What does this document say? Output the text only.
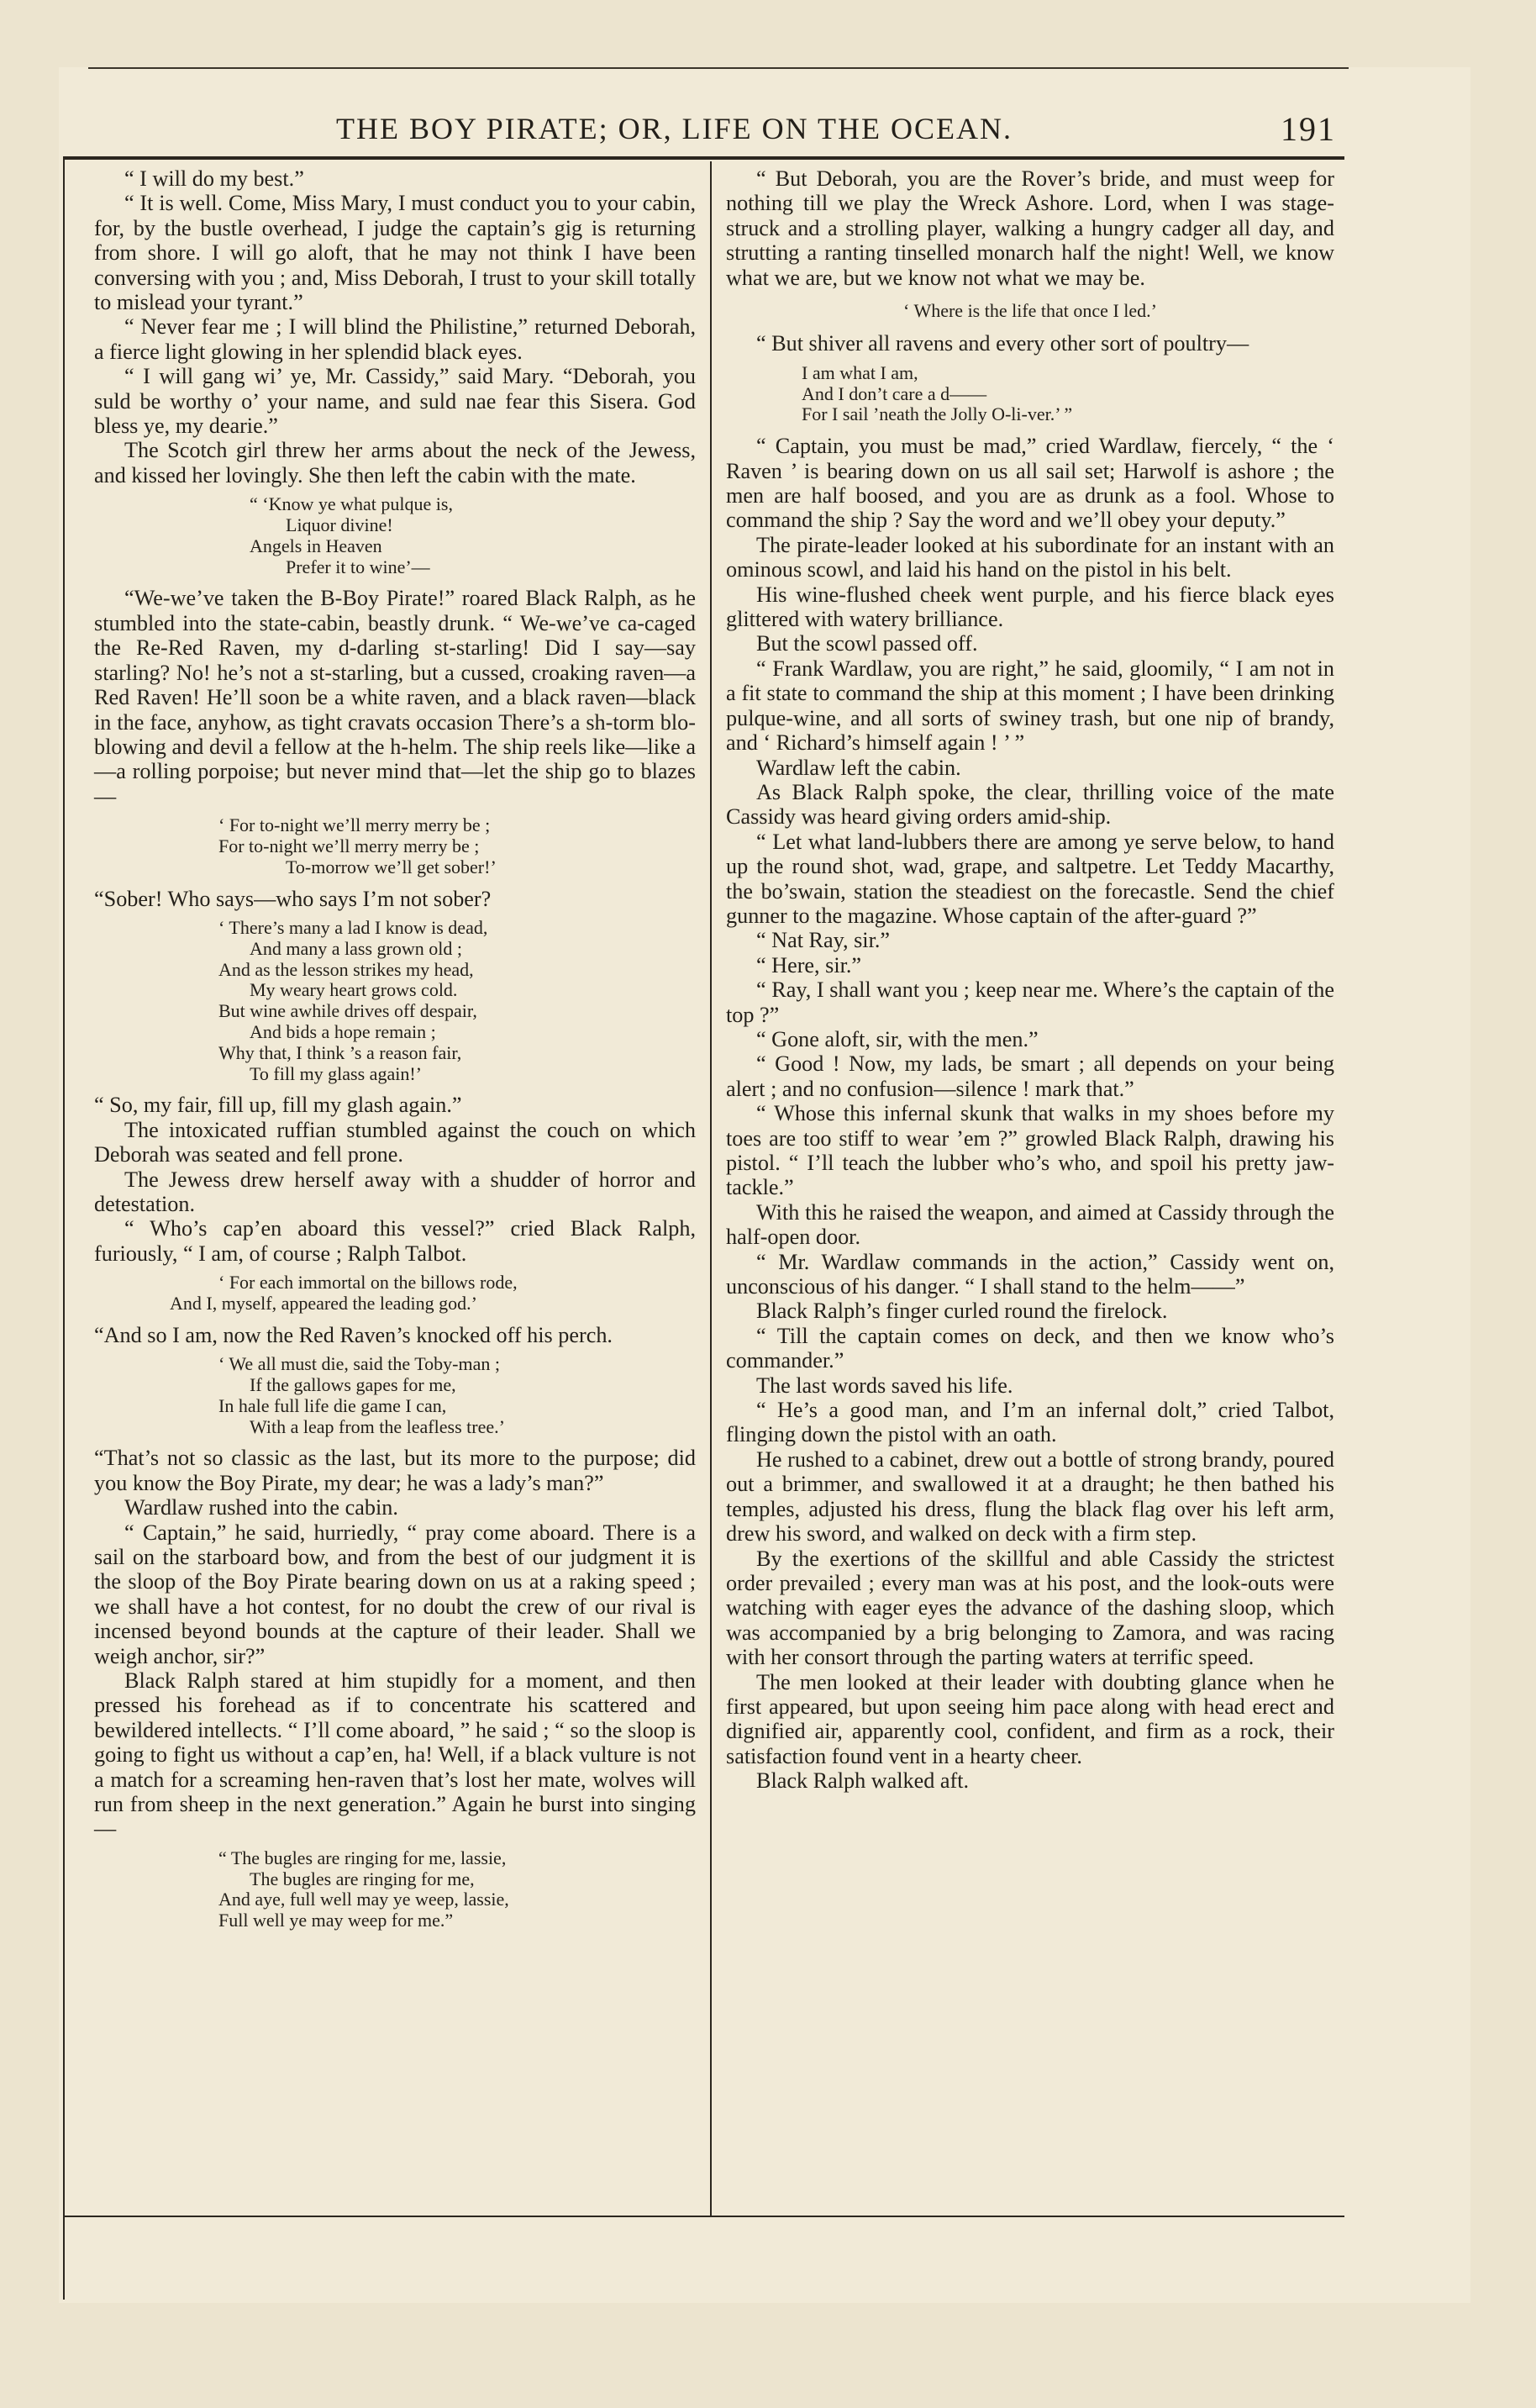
THE BOY PIRATE; OR, LIFE ON THE OCEAN.	191

“ I will do my best.”

“ It is well. Come, Miss Mary, I must conduct you to your cabin, for, by the bustle overhead, I judge the captain’s gig is returning from shore. I will go aloft, that he may not think I have been conversing with you ; and, Miss Deborah, I trust to your skill totally to mislead your tyrant.”

“ Never fear me ; I will blind the Philistine,” returned Deborah, a fierce light glowing in her splendid black eyes.

“ I will gang wi’ ye, Mr. Cassidy,” said Mary. “Deborah, you suld be worthy o’ your name, and suld nae fear this Sisera. God bless ye, my dearie.”

The Scotch girl threw her arms about the neck of the Jewess, and kissed her lovingly. She then left the cabin with the mate.

“ ‘Know ye what pulque is,
Liquor divine!
Angels in Heaven
Prefer it to wine’—

“We-we’ve taken the B-Boy Pirate!” roared Black Ralph, as he stumbled into the state-cabin, beastly drunk. “ We-we’ve ca-caged the Re-Red Raven, my d-darling st-starling! Did I say—say starling? No! he’s not a st-starling, but a cussed, croaking raven—a Red Raven! He’ll soon be a white raven, and a black raven—black in the face, anyhow, as tight cravats occasion There’s a sh-torm blo-blowing and devil a fellow at the h-helm. The ship reels like—like a—a rolling porpoise; but never mind that—let the ship go to blazes—

‘ For to-night we’ll merry merry be ;
For to-night we’ll merry merry be ;
To-morrow we’ll get sober!’

“Sober! Who says—who says I’m not sober?

‘ There’s many a lad I know is dead,
And many a lass grown old ;
And as the lesson strikes my head,
My weary heart grows cold.
But wine awhile drives off despair,
And bids a hope remain ;
Why that, I think ’s a reason fair,
To fill my glass again!’

“ So, my fair, fill up, fill my glash again.”

The intoxicated ruffian stumbled against the couch on which Deborah was seated and fell prone.

The Jewess drew herself away with a shudder of horror and detestation.

“ Who’s cap’en aboard this vessel?” cried Black Ralph, furiously, “ I am, of course ; Ralph Talbot.

‘ For each immortal on the billows rode,
And I, myself, appeared the leading god.’

“And so I am, now the Red Raven’s knocked off his perch.

‘ We all must die, said the Toby-man ;
If the gallows gapes for me,
In hale full life die game I can,
With a leap from the leafless tree.’

“That’s not so classic as the last, but its more to the purpose; did you know the Boy Pirate, my dear; he was a lady’s man?”

Wardlaw rushed into the cabin.

“ Captain,” he said, hurriedly, “ pray come aboard. There is a sail on the starboard bow, and from the best of our judgment it is the sloop of the Boy Pirate bearing down on us at a raking speed ; we shall have a hot contest, for no doubt the crew of our rival is incensed beyond bounds at the capture of their leader. Shall we weigh anchor, sir?”

Black Ralph stared at him stupidly for a moment, and then pressed his forehead as if to concentrate his scattered and bewildered intellects. “ I’ll come aboard, ” he said ; “ so the sloop is going to fight us without a cap’en, ha! Well, if a black vulture is not a match for a screaming hen-raven that’s lost her mate, wolves will run from sheep in the next generation.” Again he burst into singing—

“ The bugles are ringing for me, lassie,
The bugles are ringing for me,
And aye, full well may ye weep, lassie,
Full well ye may weep for me.”

“ But Deborah, you are the Rover’s bride, and must weep for nothing till we play the Wreck Ashore. Lord, when I was stage-struck and a strolling player, walking a hungry cadger all day, and strutting a ranting tinselled monarch half the night! Well, we know what we are, but we know not what we may be.

‘ Where is the life that once I led.’

“ But shiver all ravens and every other sort of poultry—

I am what I am,
And I don’t care a d——
For I sail ’neath the Jolly O-li-ver.’ ”

“ Captain, you must be mad,” cried Wardlaw, fiercely, “ the ‘ Raven ’ is bearing down on us all sail set; Harwolf is ashore ; the men are half boosed, and you are as drunk as a fool. Whose to command the ship ? Say the word and we’ll obey your deputy.”

The pirate-leader looked at his subordinate for an instant with an ominous scowl, and laid his hand on the pistol in his belt.

His wine-flushed cheek went purple, and his fierce black eyes glittered with watery brilliance.

But the scowl passed off.

“ Frank Wardlaw, you are right,” he said, gloomily, “ I am not in a fit state to command the ship at this moment ; I have been drinking pulque-wine, and all sorts of swiney trash, but one nip of brandy, and ‘ Richard’s himself again ! ’ ”

Wardlaw left the cabin.

As Black Ralph spoke, the clear, thrilling voice of the mate Cassidy was heard giving orders amid-ship.

“ Let what land-lubbers there are among ye serve below, to hand up the round shot, wad, grape, and saltpetre. Let Teddy Macarthy, the bo’swain, station the steadiest on the forecastle. Send the chief gunner to the magazine. Whose captain of the after-guard ?”

“ Nat Ray, sir.”

“ Here, sir.”

“ Ray, I shall want you ; keep near me. Where’s the captain of the top ?”

“ Gone aloft, sir, with the men.”

“ Good ! Now, my lads, be smart ; all depends on your being alert ; and no confusion—silence ! mark that.”

“ Whose this infernal skunk that walks in my shoes before my toes are too stiff to wear ’em ?” growled Black Ralph, drawing his pistol. “ I’ll teach the lubber who’s who, and spoil his pretty jaw-tackle.”

With this he raised the weapon, and aimed at Cassidy through the half-open door.

“ Mr. Wardlaw commands in the action,” Cassidy went on, unconscious of his danger. “ I shall stand to the helm——”

Black Ralph’s finger curled round the firelock.

“ Till the captain comes on deck, and then we know who’s commander.”

The last words saved his life.

“ He’s a good man, and I’m an infernal dolt,” cried Talbot, flinging down the pistol with an oath.

He rushed to a cabinet, drew out a bottle of strong brandy, poured out a brimmer, and swallowed it at a draught; he then bathed his temples, adjusted his dress, flung the black flag over his left arm, drew his sword, and walked on deck with a firm step.

By the exertions of the skillful and able Cassidy the strictest order prevailed ; every man was at his post, and the look-outs were watching with eager eyes the advance of the dashing sloop, which was accompanied by a brig belonging to Zamora, and was racing with her consort through the parting waters at terrific speed.

The men looked at their leader with doubting glance when he first appeared, but upon seeing him pace along with head erect and dignified air, apparently cool, confident, and firm as a rock, their satisfaction found vent in a hearty cheer.

Black Ralph walked aft.
